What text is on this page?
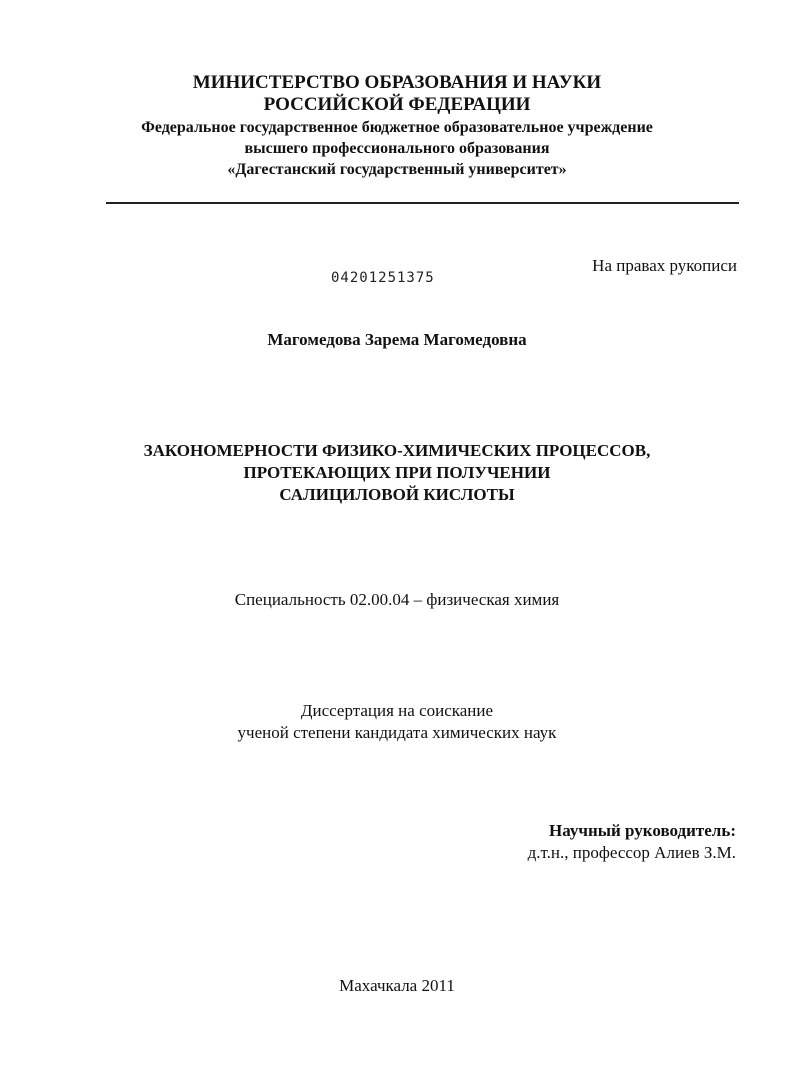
МИНИСТЕРСТВО ОБРАЗОВАНИЯ И НАУКИ
РОССИЙСКОЙ ФЕДЕРАЦИИ
Федеральное государственное бюджетное образовательное учреждение
высшего профессионального образования
«Дагестанский государственный университет»
На правах рукописи
04201251375
Магомедова Зарема Магомедовна
ЗАКОНОМЕРНОСТИ ФИЗИКО-ХИМИЧЕСКИХ ПРОЦЕССОВ,
ПРОТЕКАЮЩИХ ПРИ ПОЛУЧЕНИИ
САЛИЦИЛОВОЙ КИСЛОТЫ
Специальность 02.00.04 – физическая химия
Диссертация на соискание
ученой степени кандидата химических наук
Научный руководитель:
д.т.н., профессор Алиев З.М.
Махачкала 2011
